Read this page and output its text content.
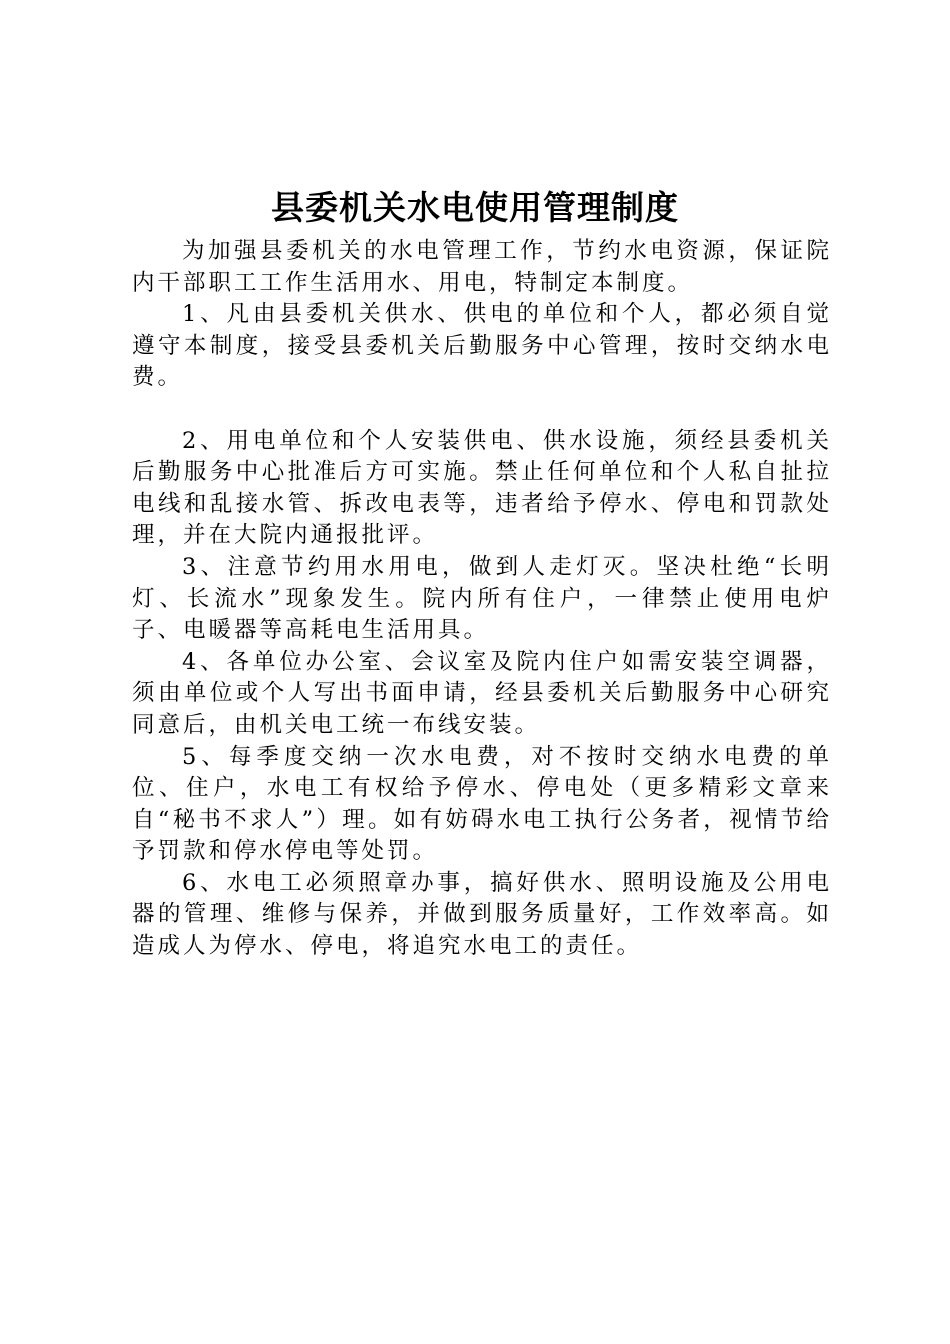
县委机关水电使用管理制度

为加强县委机关的水电管理工作，节约水电资源，保证院内干部职工工作生活用水、用电，特制定本制度。

1、凡由县委机关供水、供电的单位和个人，都必须自觉遵守本制度，接受县委机关后勤服务中心管理，按时交纳水电费。

2、用电单位和个人安装供电、供水设施，须经县委机关后勤服务中心批准后方可实施。禁止任何单位和个人私自扯拉电线和乱接水管、拆改电表等，违者给予停水、停电和罚款处理，并在大院内通报批评。

3、注意节约用水用电，做到人走灯灭。坚决杜绝“长明灯、长流水”现象发生。院内所有住户，一律禁止使用电炉子、电暖器等高耗电生活用具。

4、各单位办公室、会议室及院内住户如需安装空调器，须由单位或个人写出书面申请，经县委机关后勤服务中心研究同意后，由机关电工统一布线安装。

5、每季度交纳一次水电费，对不按时交纳水电费的单位、住户，水电工有权给予停水、停电处（更多精彩文章来自“秘书不求人”）理。如有妨碍水电工执行公务者，视情节给予罚款和停水停电等处罚。

6、水电工必须照章办事，搞好供水、照明设施及公用电器的管理、维修与保养，并做到服务质量好，工作效率高。如造成人为停水、停电，将追究水电工的责任。
